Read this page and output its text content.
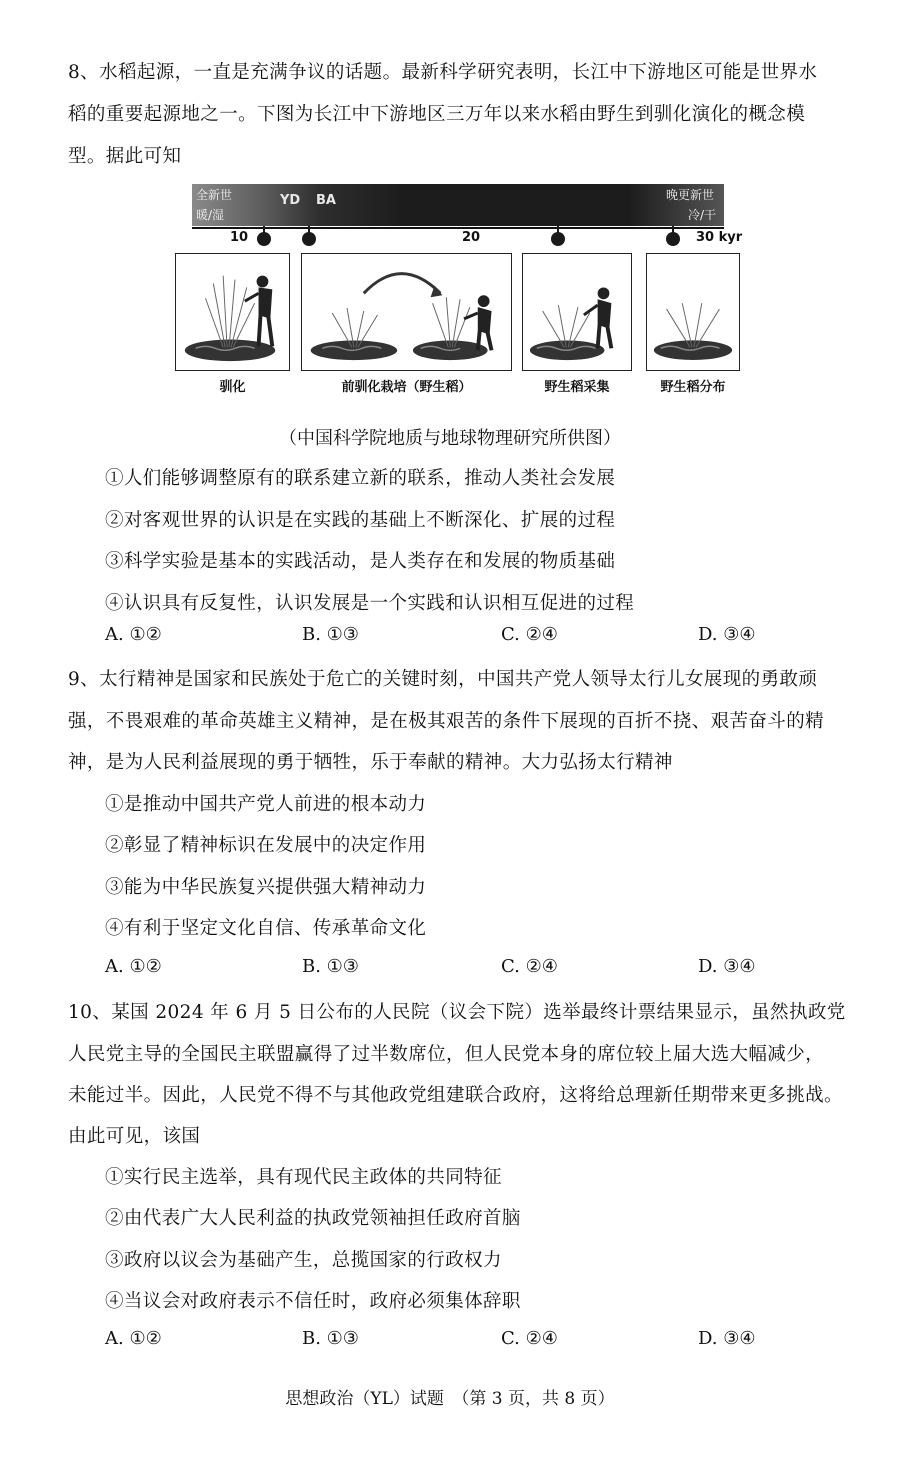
8、水稻起源，一直是充满争议的话题。最新科学研究表明，长江中下游地区可能是世界水
稻的重要起源地之一。下图为长江中下游地区三万年以来水稻由野生到驯化演化的概念模
型。据此可知
全新世
暖/湿
YD BA	晚更新世
冷/干
10	20	30 kyr
驯化	前驯化栽培（野生稻）	野生稻采集	野生稻分布
（中国科学院地质与地球物理研究所供图）
①人们能够调整原有的联系建立新的联系，推动人类社会发展
②对客观世界的认识是在实践的基础上不断深化、扩展的过程
③科学实验是基本的实践活动，是人类存在和发展的物质基础
④认识具有反复性，认识发展是一个实践和认识相互促进的过程
A. ①②	B. ①③	C. ②④	D. ③④
9、太行精神是国家和民族处于危亡的关键时刻，中国共产党人领导太行儿女展现的勇敢顽
强，不畏艰难的革命英雄主义精神，是在极其艰苦的条件下展现的百折不挠、艰苦奋斗的精
神，是为人民利益展现的勇于牺牲，乐于奉献的精神。大力弘扬太行精神
①是推动中国共产党人前进的根本动力
②彰显了精神标识在发展中的决定作用
③能为中华民族复兴提供强大精神动力
④有利于坚定文化自信、传承革命文化
A. ①②	B. ①③	C. ②④	D. ③④
10、某国 2024 年 6 月 5 日公布的人民院（议会下院）选举最终计票结果显示，虽然执政党
人民党主导的全国民主联盟赢得了过半数席位，但人民党本身的席位较上届大选大幅减少，
未能过半。因此，人民党不得不与其他政党组建联合政府，这将给总理新任期带来更多挑战。
由此可见，该国
①实行民主选举，具有现代民主政体的共同特征
②由代表广大人民利益的执政党领袖担任政府首脑
③政府以议会为基础产生，总揽国家的行政权力
④当议会对政府表示不信任时，政府必须集体辞职
A. ①②	B. ①③	C. ②④	D. ③④
思想政治（YL）试题　（第 3 页，共 8 页）
